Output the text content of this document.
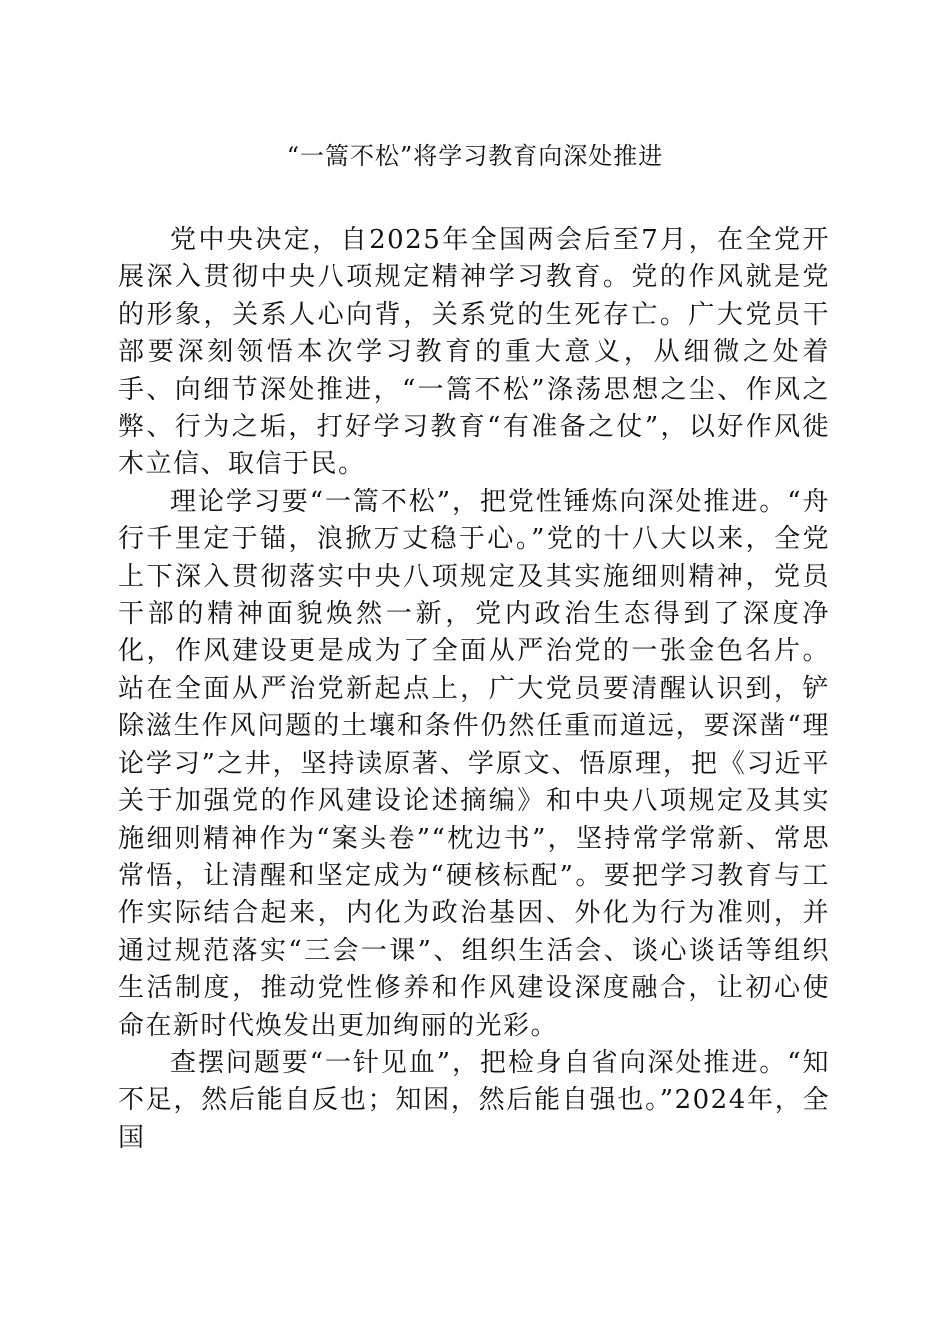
“一篙不松”将学习教育向深处推进

党中央决定，自2025年全国两会后至7月，在全党开展深入贯彻中央八项规定精神学习教育。党的作风就是党的形象，关系人心向背，关系党的生死存亡。广大党员干部要深刻领悟本次学习教育的重大意义，从细微之处着手、向细节深处推进，“一篙不松”涤荡思想之尘、作风之弊、行为之垢，打好学习教育“有准备之仗”，以好作风徙木立信、取信于民。

理论学习要“一篙不松”，把党性锤炼向深处推进。“舟行千里定于锚，浪掀万丈稳于心。”党的十八大以来，全党上下深入贯彻落实中央八项规定及其实施细则精神，党员干部的精神面貌焕然一新，党内政治生态得到了深度净化，作风建设更是成为了全面从严治党的一张金色名片。站在全面从严治党新起点上，广大党员要清醒认识到，铲除滋生作风问题的土壤和条件仍然任重而道远，要深凿“理论学习”之井，坚持读原著、学原文、悟原理，把《习近平关于加强党的作风建设论述摘编》和中央八项规定及其实施细则精神作为“案头卷”“枕边书”，坚持常学常新、常思常悟，让清醒和坚定成为“硬核标配”。要把学习教育与工作实际结合起来，内化为政治基因、外化为行为准则，并通过规范落实“三会一课”、组织生活会、谈心谈话等组织生活制度，推动党性修养和作风建设深度融合，让初心使命在新时代焕发出更加绚丽的光彩。

查摆问题要“一针见血”，把检身自省向深处推进。“知不足，然后能自反也；知困，然后能自强也。”2024年，全国
